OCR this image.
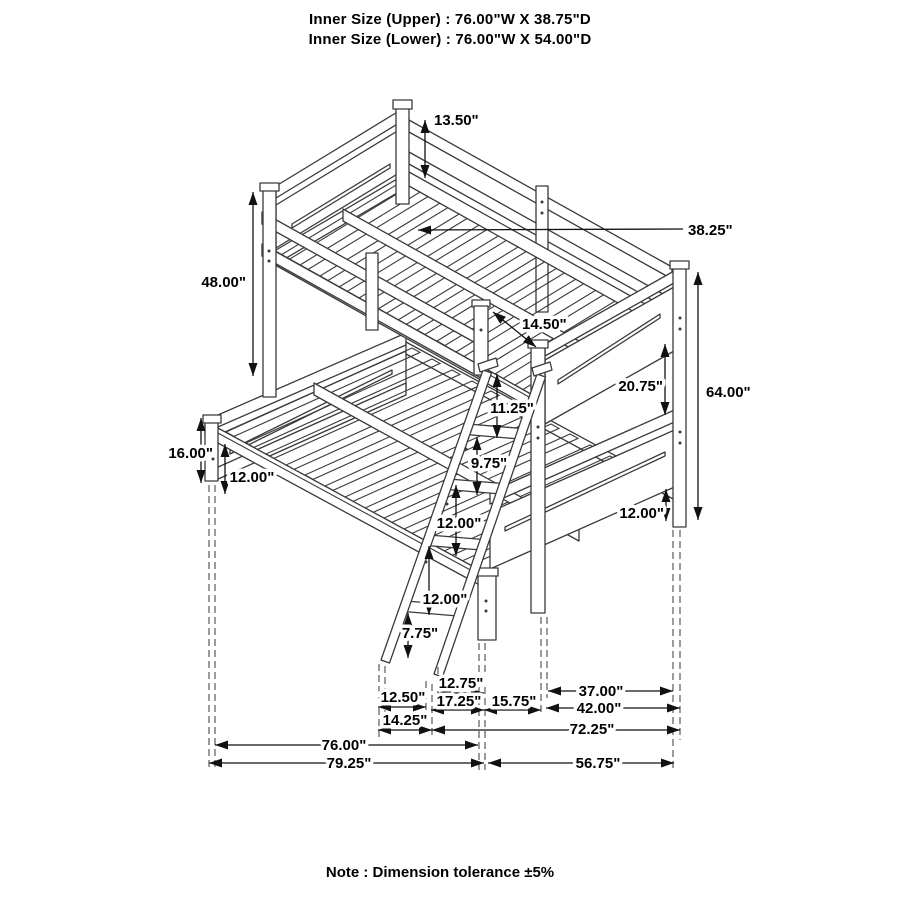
Inner Size (Upper) : 76.00"W X 38.75"D
Inner Size (Lower) : 76.00"W X 54.00"D
13.50"
38.25"
48.00"
14.50"
20.75"	64.00"
11.25"
9.75"
16.00"
12.00"
12.00"
12.00"
12.00"
7.75"
12.50"
12.75"
17.25" 15.75"
37.00"
42.00"
14.25"
72.25"
76.00"
79.25"	56.75"
Note : Dimension tolerance ±5%
